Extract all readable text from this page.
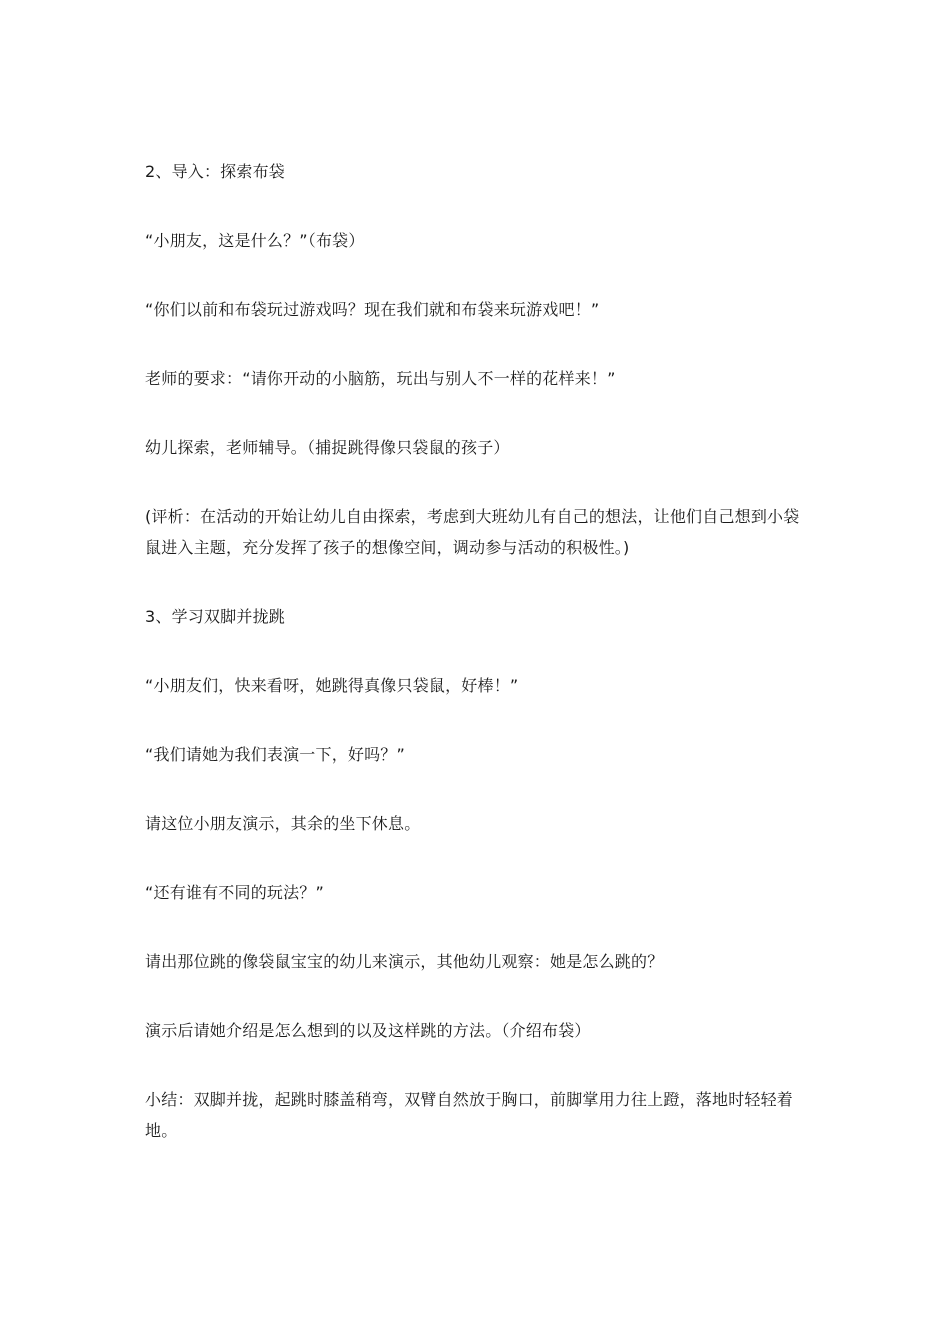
2、导入：探索布袋

“小朋友，这是什么？”（布袋）

“你们以前和布袋玩过游戏吗？现在我们就和布袋来玩游戏吧！”

老师的要求：“请你开动的小脑筋，玩出与别人不一样的花样来！”

幼儿探索，老师辅导。（捕捉跳得像只袋鼠的孩子）

(评析：在活动的开始让幼儿自由探索，考虑到大班幼儿有自己的想法，让他们自己想到小袋鼠进入主题，充分发挥了孩子的想像空间，调动参与活动的积极性。)

3、学习双脚并拢跳

“小朋友们，快来看呀，她跳得真像只袋鼠，好棒！”

“我们请她为我们表演一下，好吗？”

请这位小朋友演示，其余的坐下休息。

“还有谁有不同的玩法？”

请出那位跳的像袋鼠宝宝的幼儿来演示，其他幼儿观察：她是怎么跳的？

演示后请她介绍是怎么想到的以及这样跳的方法。（介绍布袋）

小结：双脚并拢，起跳时膝盖稍弯，双臂自然放于胸口，前脚掌用力往上蹬，落地时轻轻着地。
